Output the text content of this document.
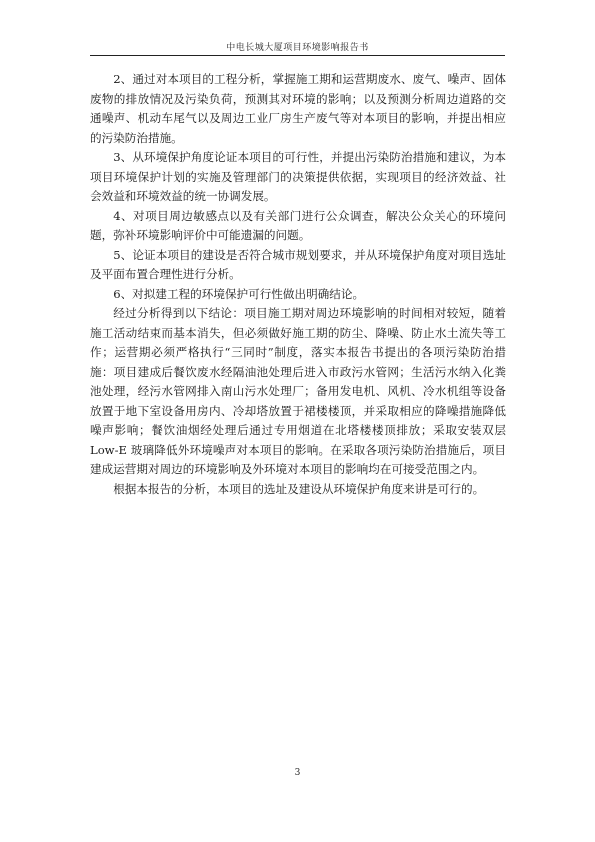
中电长城大厦项目环境影响报告书

2、通过对本项目的工程分析，掌握施工期和运营期废水、废气、噪声、固体废物的排放情况及污染负荷，预测其对环境的影响；以及预测分析周边道路的交通噪声、机动车尾气以及周边工业厂房生产废气等对本项目的影响，并提出相应的污染防治措施。

3、从环境保护角度论证本项目的可行性，并提出污染防治措施和建议，为本项目环境保护计划的实施及管理部门的决策提供依据，实现项目的经济效益、社会效益和环境效益的统一协调发展。

4、对项目周边敏感点以及有关部门进行公众调查，解决公众关心的环境问题，弥补环境影响评价中可能遗漏的问题。

5、论证本项目的建设是否符合城市规划要求，并从环境保护角度对项目选址及平面布置合理性进行分析。

6、对拟建工程的环境保护可行性做出明确结论。

经过分析得到以下结论：项目施工期对周边环境影响的时间相对较短，随着施工活动结束而基本消失，但必须做好施工期的防尘、降噪、防止水土流失等工作；运营期必须严格执行“三同时”制度，落实本报告书提出的各项污染防治措施：项目建成后餐饮废水经隔油池处理后进入市政污水管网；生活污水纳入化粪池处理，经污水管网排入南山污水处理厂；备用发电机、风机、冷水机组等设备放置于地下室设备用房内、冷却塔放置于裙楼楼顶，并采取相应的降噪措施降低噪声影响；餐饮油烟经处理后通过专用烟道在北塔楼楼顶排放；采取安装双层 Low-E 玻璃降低外环境噪声对本项目的影响。在采取各项污染防治措施后，项目建成运营期对周边的环境影响及外环境对本项目的影响均在可接受范围之内。

根据本报告的分析，本项目的选址及建设从环境保护角度来讲是可行的。

3
